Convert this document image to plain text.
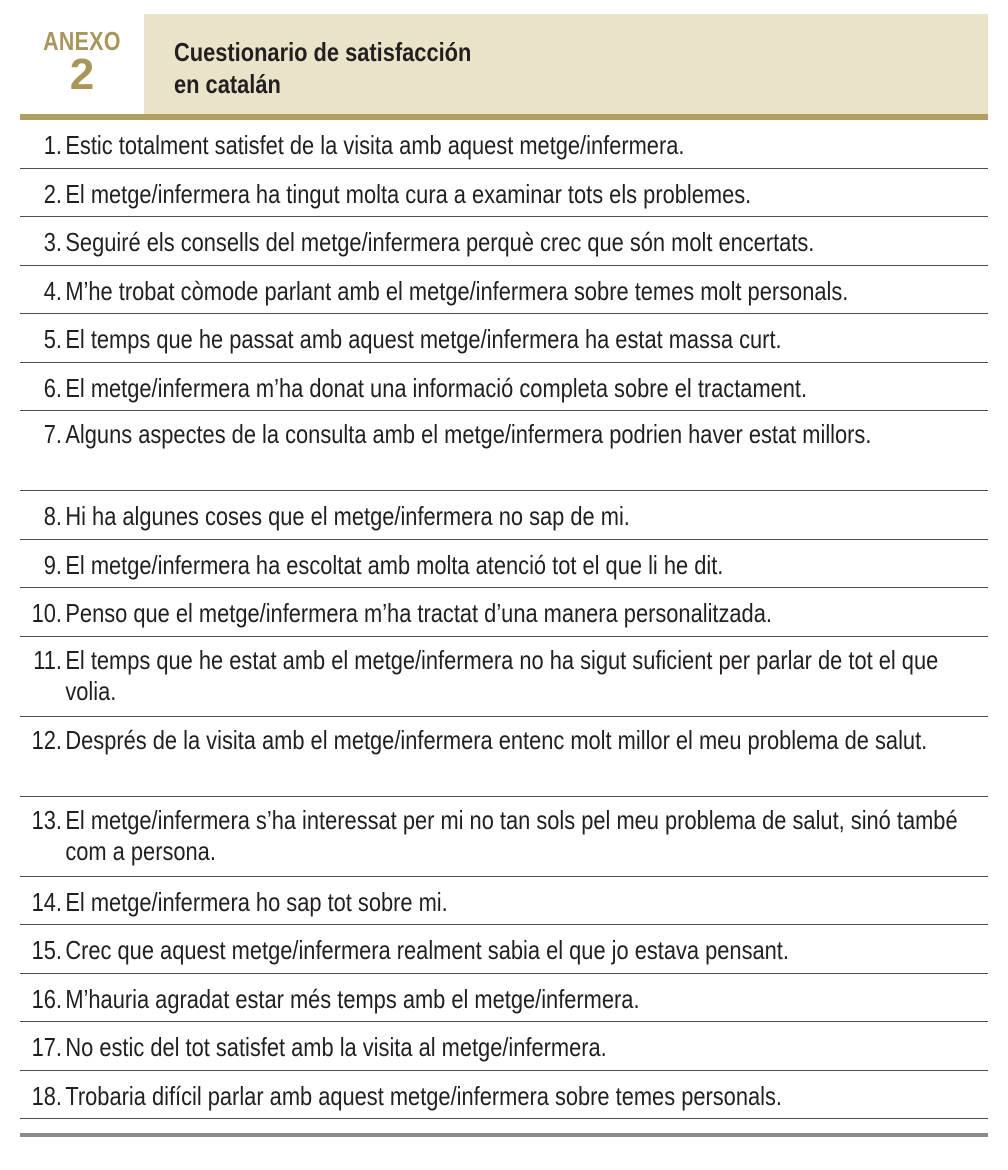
ANEXO
2	Cuestionario de satisfacción
en catalán
1. Estic totalment satisfet de la visita amb aquest metge/infermera.
2. El metge/infermera ha tingut molta cura a examinar tots els problemes.
3. Seguiré els consells del metge/infermera perquè crec que són molt encertats.
4. M’he trobat còmode parlant amb el metge/infermera sobre temes molt personals.
5. El temps que he passat amb aquest metge/infermera ha estat massa curt.
6. El metge/infermera m’ha donat una informació completa sobre el tractament.
7. Alguns aspectes de la consulta amb el metge/infermera podrien haver estat millors.
8. Hi ha algunes coses que el metge/infermera no sap de mi.
9. El metge/infermera ha escoltat amb molta atenció tot el que li he dit.
10. Penso que el metge/infermera m’ha tractat d’una manera personalitzada.
11. El temps que he estat amb el metge/infermera no ha sigut suficient per parlar de tot el que volia.
12. Després de la visita amb el metge/infermera entenc molt millor el meu problema de salut.
13. El metge/infermera s’ha interessat per mi no tan sols pel meu problema de salut, sinó també com a persona.
14. El metge/infermera ho sap tot sobre mi.
15. Crec que aquest metge/infermera realment sabia el que jo estava pensant.
16. M’hauria agradat estar més temps amb el metge/infermera.
17. No estic del tot satisfet amb la visita al metge/infermera.
18. Trobaria difícil parlar amb aquest metge/infermera sobre temes personals.
